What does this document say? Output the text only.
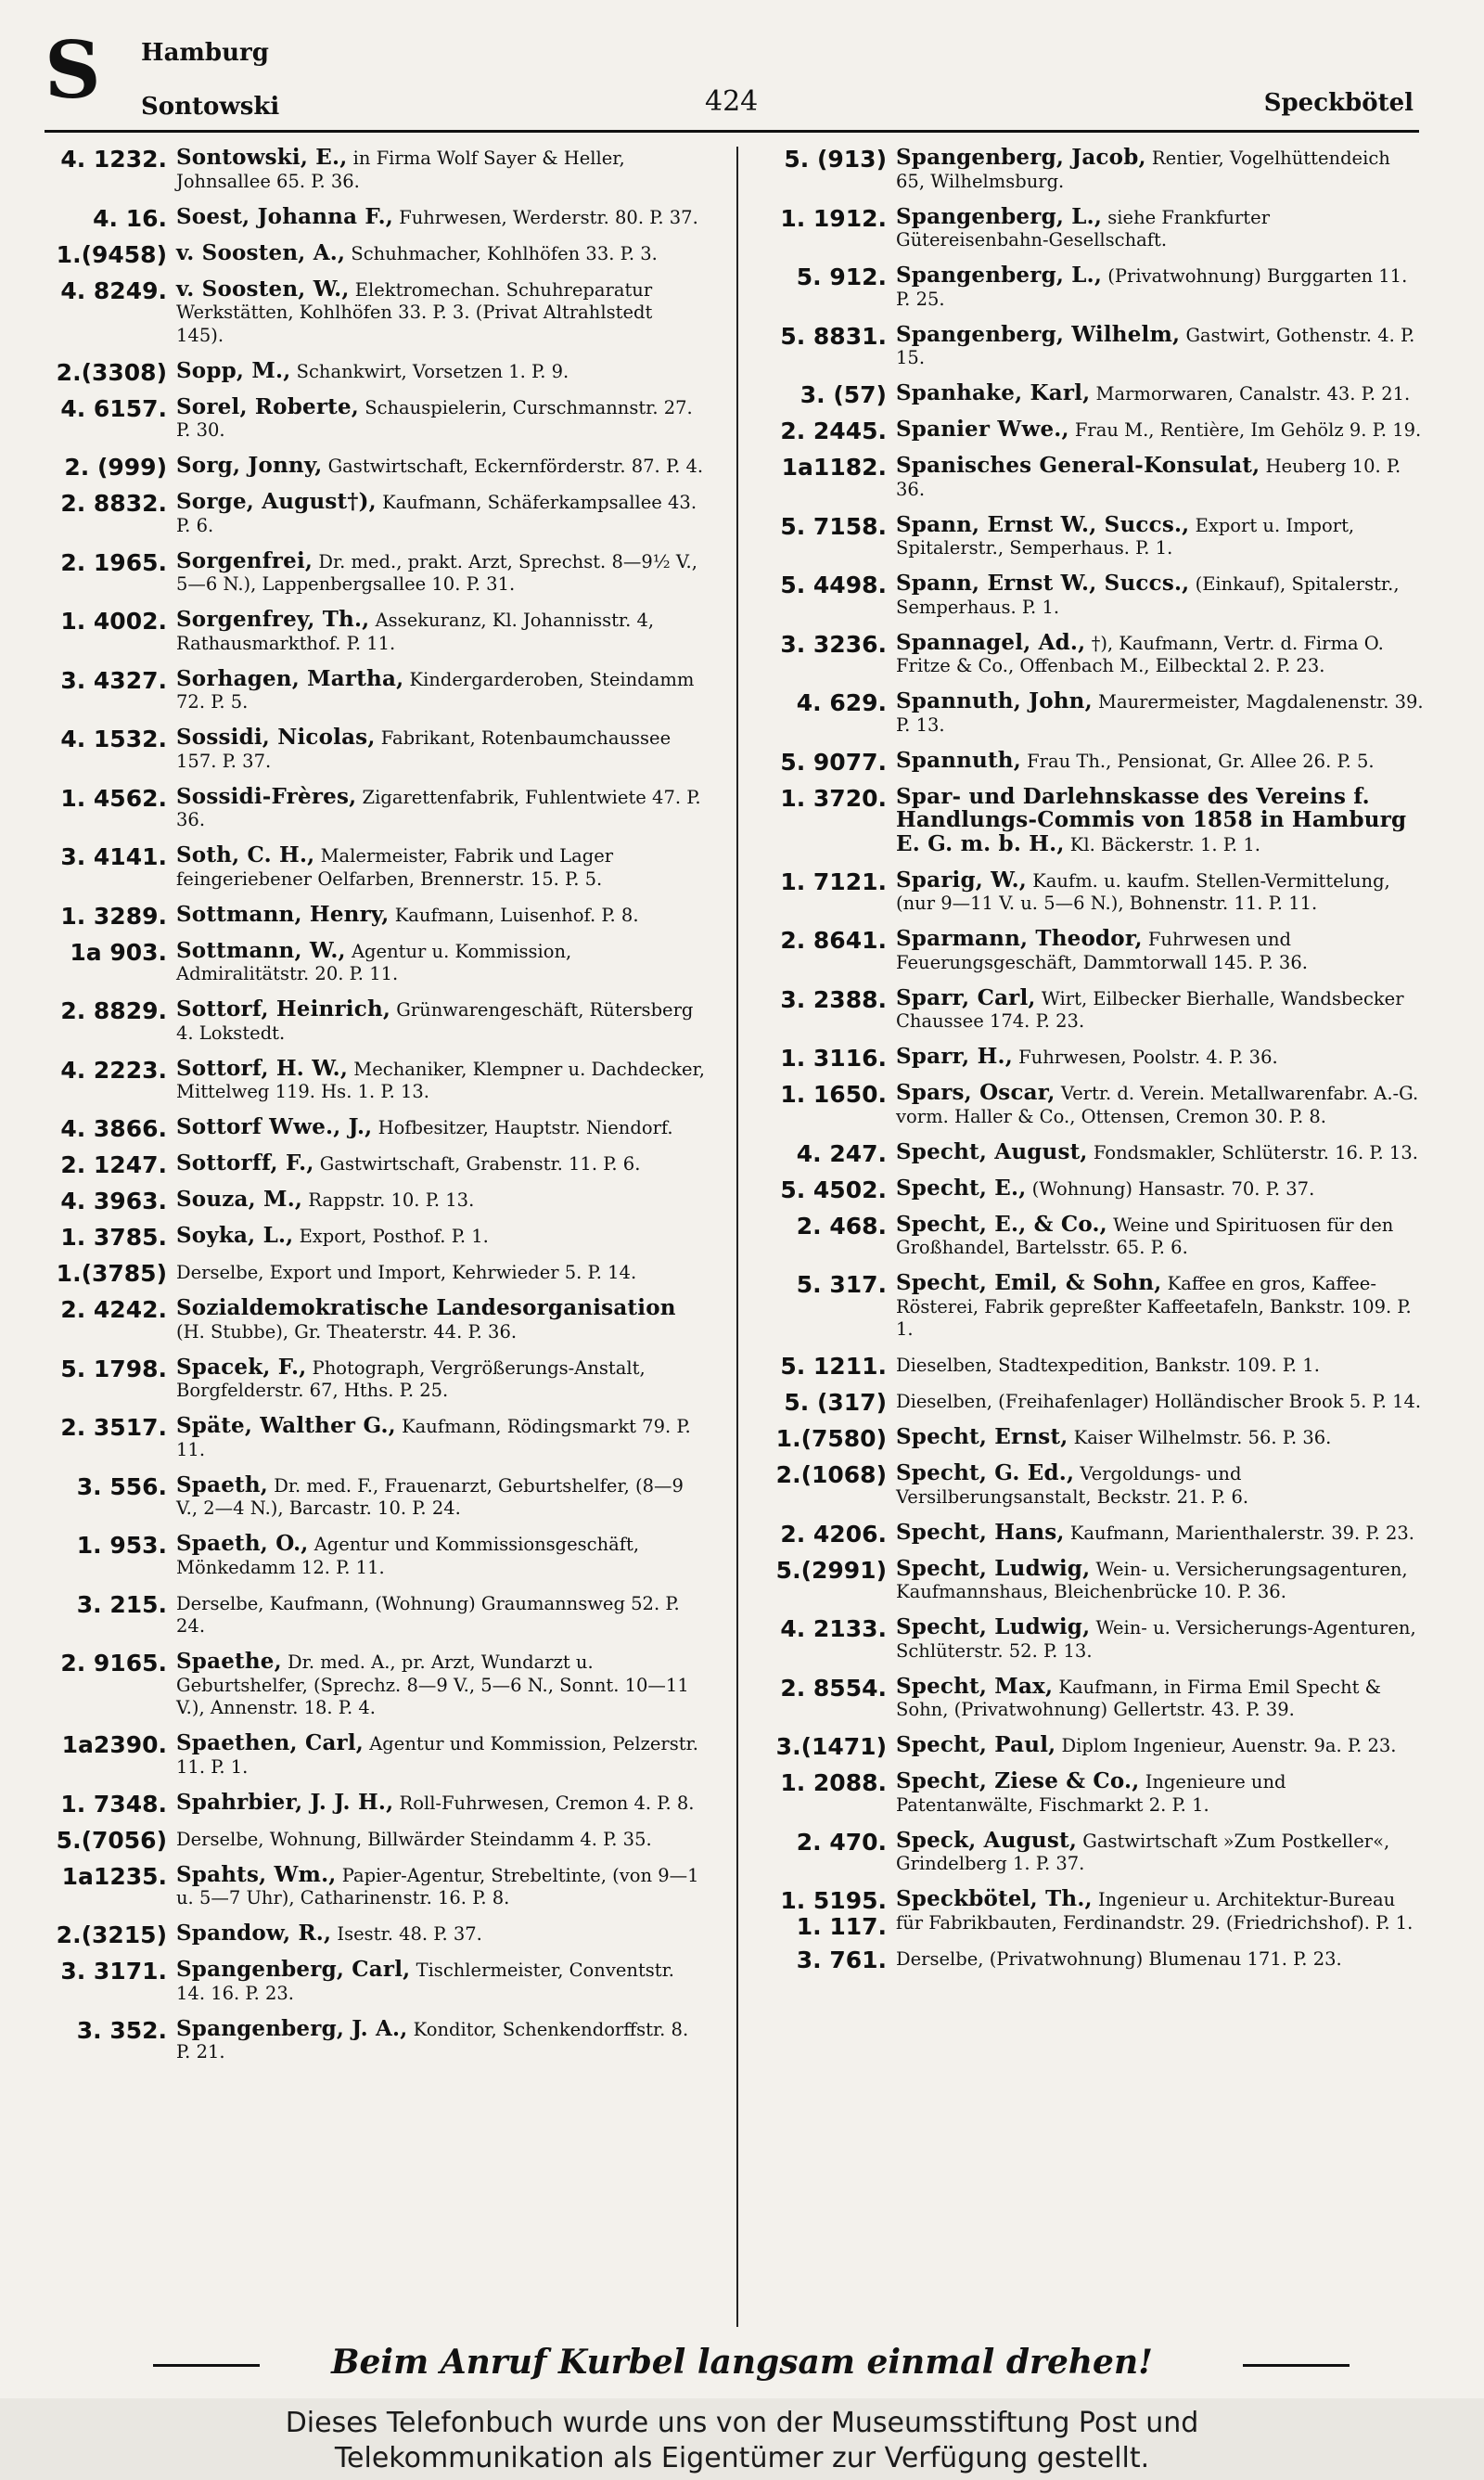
S Hamburg
Sontowski	424	Speckbötel
4. 1232. Sontowski, E., in Firma Wolf Sayer & Heller, Johnsallee 65. P. 36.
4. 16. Soest, Johanna F., Fuhrwesen, Werderstr. 80. P. 37.
1.(9458) v. Soosten, A., Schuhmacher, Kohlhöfen 33. P. 3.
4. 8249. v. Soosten, W., Elektromechan. Schuhreparatur Werkstätten, Kohlhöfen 33. P. 3. (Privat Altrahlstedt 145).
2.(3308) Sopp, M., Schankwirt, Vorsetzen 1. P. 9.
4. 6157. Sorel, Roberte, Schauspielerin, Curschmannstr. 27. P. 30.
2. (999) Sorg, Jonny, Gastwirtschaft, Eckernförderstr. 87. P. 4.
2. 8832. Sorge, August†), Kaufmann, Schäferkampsallee 43. P. 6.
2. 1965. Sorgenfrei, Dr. med., prakt. Arzt, Sprechst. 8—9½ V., 5—6 N.), Lappenbergsallee 10. P. 31.
1. 4002. Sorgenfrey, Th., Assekuranz, Kl. Johannisstr. 4, Rathausmarkthof. P. 11.
3. 4327. Sorhagen, Martha, Kindergarderoben, Steindamm 72. P. 5.
4. 1532. Sossidi, Nicolas, Fabrikant, Rotenbaumchaussee 157. P. 37.
1. 4562. Sossidi-Frères, Zigarettenfabrik, Fuhlentwiete 47. P. 36.
3. 4141. Soth, C. H., Malermeister, Fabrik und Lager feingeriebener Oelfarben, Brennerstr. 15. P. 5.
1. 3289. Sottmann, Henry, Kaufmann, Luisenhof. P. 8.
1a 903. Sottmann, W., Agentur u. Kommission, Admiralitätstr. 20. P. 11.
2. 8829. Sottorf, Heinrich, Grünwarengeschäft, Rütersberg 4. Lokstedt.
4. 2223. Sottorf, H. W., Mechaniker, Klempner u. Dachdecker, Mittelweg 119. Hs. 1. P. 13.
4. 3866. Sottorf Wwe., J., Hofbesitzer, Hauptstr. Niendorf.
2. 1247. Sottorff, F., Gastwirtschaft, Grabenstr. 11. P. 6.
4. 3963. Souza, M., Rappstr. 10. P. 13.
1. 3785. Soyka, L., Export, Posthof. P. 1.
1.(3785) Derselbe, Export und Import, Kehrwieder 5. P. 14.
2. 4242. Sozialdemokratische Landesorganisation (H. Stubbe), Gr. Theaterstr. 44. P. 36.
5. 1798. Spacek, F., Photograph, Vergrößerungs-Anstalt, Borgfelderstr. 67, Hths. P. 25.
2. 3517. Späte, Walther G., Kaufmann, Rödingsmarkt 79. P. 11.
3. 556. Spaeth, Dr. med. F., Frauenarzt, Geburtshelfer, (8—9 V., 2—4 N.), Barcastr. 10. P. 24.
1. 953. Spaeth, O., Agentur und Kommissionsgeschäft, Mönkedamm 12. P. 11.
3. 215. Derselbe, Kaufmann, (Wohnung) Graumannsweg 52. P. 24.
2. 9165. Spaethe, Dr. med. A., pr. Arzt, Wundarzt u. Geburtshelfer, (Sprechz. 8—9 V., 5—6 N., Sonnt. 10—11 V.), Annenstr. 18. P. 4.
1a2390. Spaethen, Carl, Agentur und Kommission, Pelzerstr. 11. P. 1.
1. 7348. Spahrbier, J. J. H., Roll-Fuhrwesen, Cremon 4. P. 8.
5.(7056) Derselbe, Wohnung, Billwärder Steindamm 4. P. 35.
1a1235. Spahts, Wm., Papier-Agentur, Strebeltinte, (von 9—1 u. 5—7 Uhr), Catharinenstr. 16. P. 8.
2.(3215) Spandow, R., Isestr. 48. P. 37.
3. 3171. Spangenberg, Carl, Tischlermeister, Conventstr. 14. 16. P. 23.
3. 352. Spangenberg, J. A., Konditor, Schenkendorffstr. 8. P. 21.
5. (913) Spangenberg, Jacob, Rentier, Vogelhüttendeich 65, Wilhelmsburg.
1. 1912. Spangenberg, L., siehe Frankfurter Gütereisenbahn-Gesellschaft.
5. 912. Spangenberg, L., (Privatwohnung) Burggarten 11. P. 25.
5. 8831. Spangenberg, Wilhelm, Gastwirt, Gothenstr. 4. P. 15.
3. (57) Spanhake, Karl, Marmorwaren, Canalstr. 43. P. 21.
2. 2445. Spanier Wwe., Frau M., Rentière, Im Gehölz 9. P. 19.
1a1182. Spanisches General-Konsulat, Heuberg 10. P. 36.
5. 7158. Spann, Ernst W., Succs., Export u. Import, Spitalerstr., Semperhaus. P. 1.
5. 4498. Spann, Ernst W., Succs., (Einkauf), Spitalerstr., Semperhaus. P. 1.
3. 3236. Spannagel, Ad., †), Kaufmann, Vertr. d. Firma O. Fritze & Co., Offenbach M., Eilbecktal 2. P. 23.
4. 629. Spannuth, John, Maurermeister, Magdalenenstr. 39. P. 13.
5. 9077. Spannuth, Frau Th., Pensionat, Gr. Allee 26. P. 5.
1. 3720. Spar- und Darlehnskasse des Vereins f. Handlungs-Commis von 1858 in Hamburg E. G. m. b. H., Kl. Bäckerstr. 1. P. 1.
1. 7121. Sparig, W., Kaufm. u. kaufm. Stellen-Vermittelung, (nur 9—11 V. u. 5—6 N.), Bohnenstr. 11. P. 11.
2. 8641. Sparmann, Theodor, Fuhrwesen und Feuerungsgeschäft, Dammtorwall 145. P. 36.
3. 2388. Sparr, Carl, Wirt, Eilbecker Bierhalle, Wandsbecker Chaussee 174. P. 23.
1. 3116. Sparr, H., Fuhrwesen, Poolstr. 4. P. 36.
1. 1650. Spars, Oscar, Vertr. d. Verein. Metallwarenfabr. A.-G. vorm. Haller & Co., Ottensen, Cremon 30. P. 8.
4. 247. Specht, August, Fondsmakler, Schlüterstr. 16. P. 13.
5. 4502. Specht, E., (Wohnung) Hansastr. 70. P. 37.
2. 468. Specht, E., & Co., Weine und Spirituosen für den Großhandel, Bartelsstr. 65. P. 6.
5. 317. Specht, Emil, & Sohn, Kaffee en gros, Kaffee-Rösterei, Fabrik gepreßter Kaffeetafeln, Bankstr. 109. P. 1.
5. 1211. Dieselben, Stadtexpedition, Bankstr. 109. P. 1.
5. (317) Dieselben, (Freihafenlager) Holländischer Brook 5. P. 14.
1.(7580) Specht, Ernst, Kaiser Wilhelmstr. 56. P. 36.
2.(1068) Specht, G. Ed., Vergoldungs- und Versilberungsanstalt, Beckstr. 21. P. 6.
2. 4206. Specht, Hans, Kaufmann, Marienthalerstr. 39. P. 23.
5.(2991) Specht, Ludwig, Wein- u. Versicherungsagenturen, Kaufmannshaus, Bleichenbrücke 10. P. 36.
4. 2133. Specht, Ludwig, Wein- u. Versicherungs-Agenturen, Schlüterstr. 52. P. 13.
2. 8554. Specht, Max, Kaufmann, in Firma Emil Specht & Sohn, (Privatwohnung) Gellertstr. 43. P. 39.
3.(1471) Specht, Paul, Diplom Ingenieur, Auenstr. 9a. P. 23.
1. 2088. Specht, Ziese & Co., Ingenieure und Patentanwälte, Fischmarkt 2. P. 1.
2. 470. Speck, August, Gastwirtschaft »Zum Postkeller«, Grindelberg 1. P. 37.
1. 5195. 1. 117.
Speckbötel, Th., Ingenieur u. Architektur-Bureau für Fabrikbauten, Ferdinandstr. 29. (Friedrichshof). P. 1.
3. 761. Derselbe, (Privatwohnung) Blumenau 171. P. 23.
Beim Anruf Kurbel langsam einmal drehen!
Dieses Telefonbuch wurde uns von der Museumsstiftung Post und
Telekommunikation als Eigentümer zur Verfügung gestellt.
